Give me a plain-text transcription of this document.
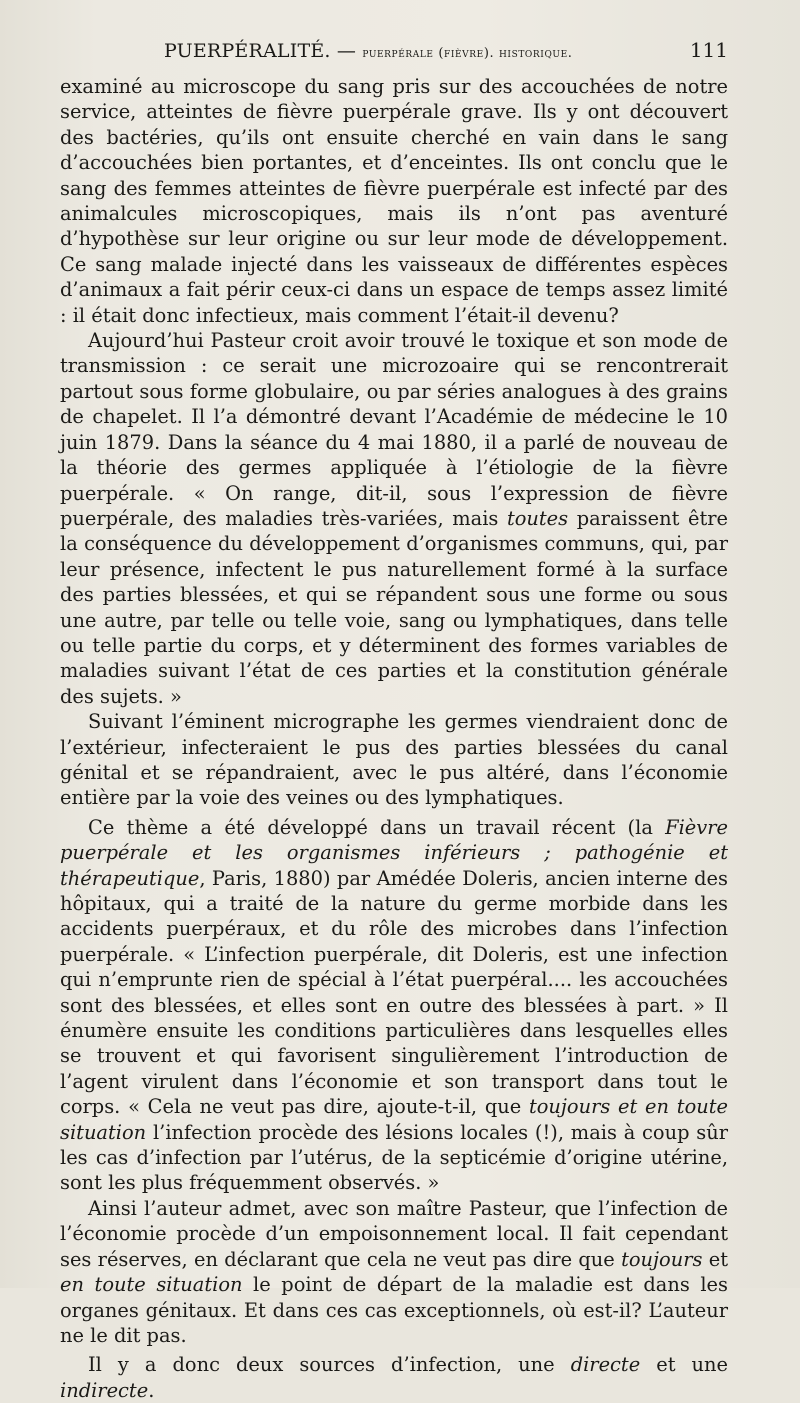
PUERPÉRALITÉ. — puerpérale (fièvre). historique.	111

examiné au microscope du sang pris sur des accouchées de notre service, atteintes de fièvre puerpérale grave. Ils y ont découvert des bactéries, qu’ils ont ensuite cherché en vain dans le sang d’accouchées bien portantes, et d’enceintes. Ils ont conclu que le sang des femmes atteintes de fièvre puerpérale est infecté par des animalcules microscopiques, mais ils n’ont pas aventuré d’hypothèse sur leur origine ou sur leur mode de développement. Ce sang malade injecté dans les vaisseaux de différentes espèces d’animaux a fait périr ceux-ci dans un espace de temps assez limité : il était donc infectieux, mais comment l’était-il devenu?

Aujourd’hui Pasteur croit avoir trouvé le toxique et son mode de transmission : ce serait une microzoaire qui se rencontrerait partout sous forme globulaire, ou par séries analogues à des grains de chapelet. Il l’a démontré devant l’Académie de médecine le 10 juin 1879. Dans la séance du 4 mai 1880, il a parlé de nouveau de la théorie des germes appliquée à l’étiologie de la fièvre puerpérale. « On range, dit-il, sous l’expression de fièvre puerpérale, des maladies très-variées, mais toutes paraissent être la conséquence du développement d’organismes communs, qui, par leur présence, infectent le pus naturellement formé à la surface des parties blessées, et qui se répandent sous une forme ou sous une autre, par telle ou telle voie, sang ou lymphatiques, dans telle ou telle partie du corps, et y déterminent des formes variables de maladies suivant l’état de ces parties et la constitution générale des sujets. »

Suivant l’éminent micrographe les germes viendraient donc de l’extérieur, infecteraient le pus des parties blessées du canal génital et se répandraient, avec le pus altéré, dans l’économie entière par la voie des veines ou des lymphatiques.

Ce thème a été développé dans un travail récent (la Fièvre puerpérale et les organismes inférieurs ; pathogénie et thérapeutique, Paris, 1880) par Amédée Doleris, ancien interne des hôpitaux, qui a traité de la nature du germe morbide dans les accidents puerpéraux, et du rôle des microbes dans l’infection puerpérale. « L’infection puerpérale, dit Doleris, est une infection qui n’emprunte rien de spécial à l’état puerpéral.... les accouchées sont des blessées, et elles sont en outre des blessées à part. » Il énumère ensuite les conditions particulières dans lesquelles elles se trouvent et qui favorisent singulièrement l’introduction de l’agent virulent dans l’économie et son transport dans tout le corps. « Cela ne veut pas dire, ajoute-t-il, que toujours et en toute situation l’infection procède des lésions locales (!), mais à coup sûr les cas d’infection par l’utérus, de la septicémie d’origine utérine, sont les plus fréquemment observés. »

Ainsi l’auteur admet, avec son maître Pasteur, que l’infection de l’économie procède d’un empoisonnement local. Il fait cependant ses réserves, en déclarant que cela ne veut pas dire que toujours et en toute situation le point de départ de la maladie est dans les organes génitaux. Et dans ces cas exceptionnels, où est-il? L’auteur ne le dit pas.

Il y a donc deux sources d’infection, une directe et une indirecte.
